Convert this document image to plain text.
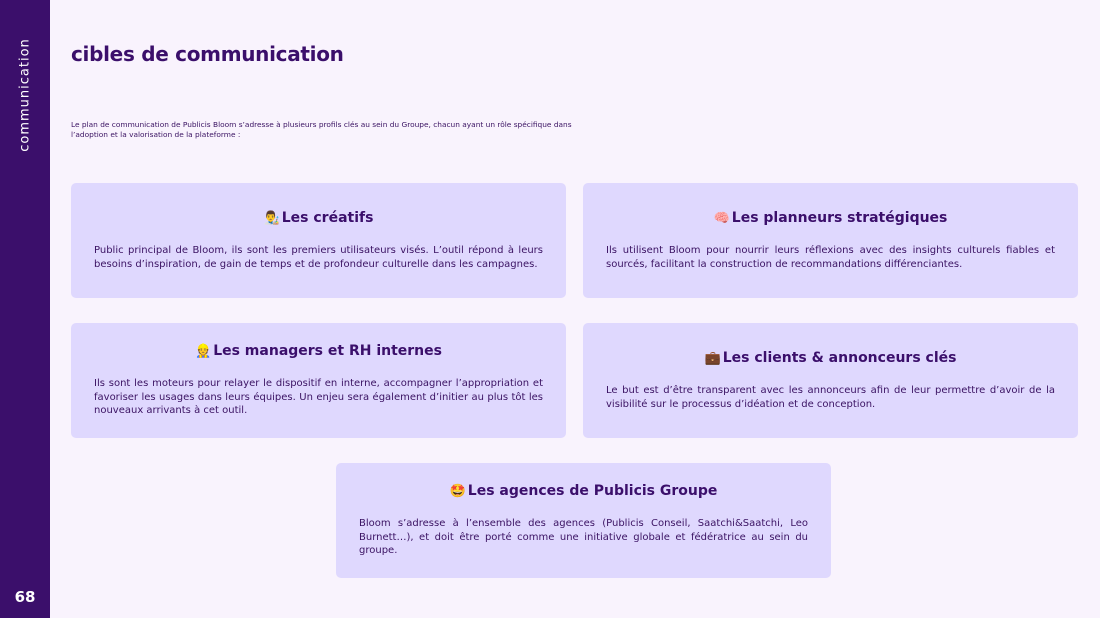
communication
68
cibles de communication

Le plan de communication de Publicis Bloom s’adresse à plusieurs profils clés au sein du Groupe, chacun ayant un rôle spécifique dans l’adoption et la valorisation de la plateforme :

👨‍🎨 Les créatifs

Public principal de Bloom, ils sont les premiers utilisateurs visés. L’outil répond à leurs besoins d’inspiration, de gain de temps et de profondeur culturelle dans les campagnes.

🧠 Les planneurs stratégiques

Ils utilisent Bloom pour nourrir leurs réflexions avec des insights culturels fiables et sourcés, facilitant la construction de recommandations différenciantes.

👷 Les managers et RH internes

Ils sont les moteurs pour relayer le dispositif en interne, accompagner l’appropriation et favoriser les usages dans leurs équipes. Un enjeu sera également d’initier au plus tôt les nouveaux arrivants à cet outil.

💼 Les clients & annonceurs clés

Le but est d’être transparent avec les annonceurs afin de leur permettre d’avoir de la visibilité sur le processus d’idéation et de conception.

🤩 Les agences de Publicis Groupe

Bloom s’adresse à l’ensemble des agences (Publicis Conseil, Saatchi&Saatchi, Leo Burnett…), et doit être porté comme une initiative globale et fédératrice au sein du groupe.
